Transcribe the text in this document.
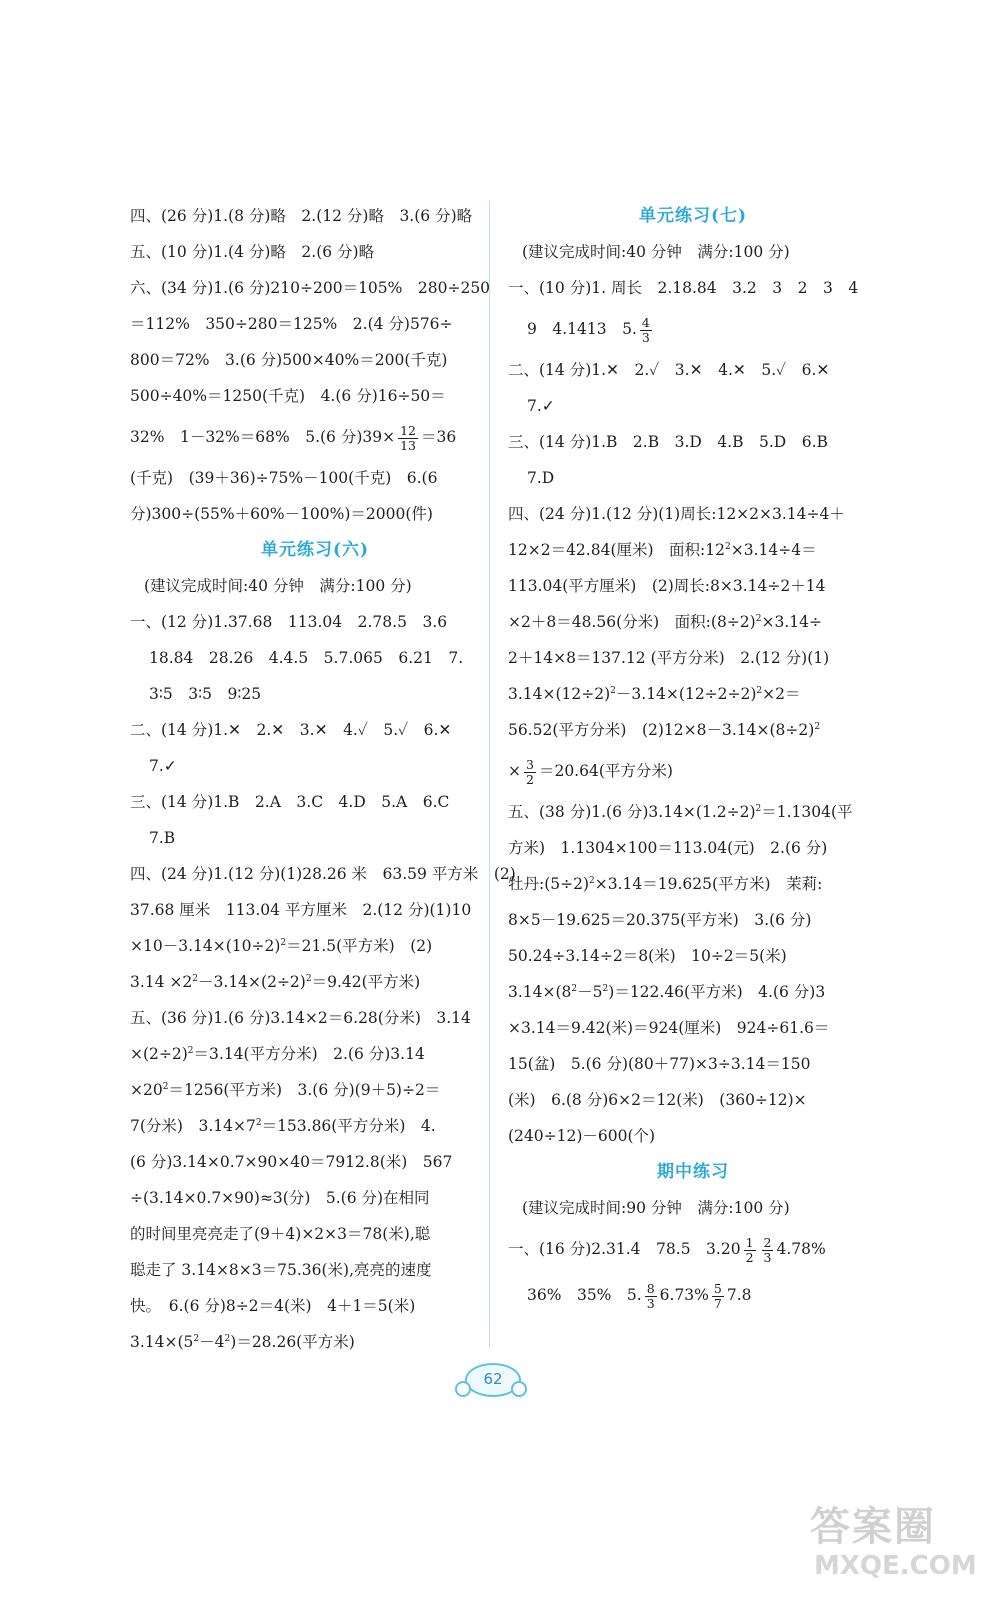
四、(26 分)1.(8 分)略　2.(12 分)略　3.(6 分)略
五、(10 分)1.(4 分)略　2.(6 分)略
六、(34 分)1.(6 分)210÷200＝105%　280÷250
＝112%　350÷280＝125%　2.(4 分)576÷
800＝72%　3.(6 分)500×40%＝200(千克)
500÷40%＝1250(千克)　4.(6 分)16÷50＝
32%　1－32%＝68%　5.(6 分)$39\times \frac{12}{13} =36$
(千克)　(39＋36)÷75%－100(千克)　6.(6
分)300÷(55%＋60%－100%)＝2000(件)
单元练习(六)
(建议完成时间:40 分钟　满分:100 分)
一、(12 分)1.37.68　113.04　2.78.5　3.6
18.84　28.26　4.4.5　5.7.065　6.21　7.
3∶5　3∶5　9∶25
二、(14 分)1.✕　2.✕　3.✕　4.✓　5.✓　6.✕
7.✓
三、(14 分)1.B　2.A　3.C　4.D　5.A　6.C
7.B
四、(24 分)1.(12 分)(1)28.26 米　63.59 平方米　(2)
37.68 厘米　113.04 平方厘米　2.(12 分)(1)10
$\times 10-3.14\times(10\div 2)^2=21.5$(平方米)　(2)
$3.14 \times 2^2-3.14\times(2\div 2)^2=9.42$(平方米)
五、(36 分)1.(6 分)3.14×2＝6.28(分米)　3.14
$\times(2\div 2)^2=3.14$(平方分米)　2.(6 分)3.14
$\times 20^2=1256$(平方米)　3.(6 分)(9＋5)÷2＝
7(分米)　$3.14\times 7^2=153.86$(平方分米)　4.
(6 分)3.14×0.7×90×40＝7912.8(米)　567
÷(3.14×0.7×90)≈3(分)　5.(6 分)在相同
的时间里亮亮走了(9＋4)×2×3＝78(米),聪
聪走了 3.14×8×3＝75.36(米),亮亮的速度
快。　6.(6 分)8÷2＝4(米)　4＋1＝5(米)
$3.14\times(5^2-4^2)=28.26$(平方米)
单元练习(七)
(建议完成时间:40 分钟　满分:100 分)
一、(10 分)1. 周长　2.18.84　3.2　3　2　3　4
9　4.1413　5. $\frac{4}{3}$
二、(14 分)1.✕　2.✓　3.✕　4.✕　5.✓　6.✕
7.✓
三、(14 分)1.B　2.B　3.D　4.B　5.D　6.B
7.D
四、(24 分)1.(12 分)(1)周长:12×2×3.14÷4＋
12×2＝42.84(厘米)　面积$:12^2\times 3.14\div 4=$
113.04(平方厘米)　(2)周长:8×3.14÷2＋14
×2＋8＝48.56(分米)　面积$:(8\div 2)^2\times 3.14\div$
2＋14×8＝137.12 (平方分米)　2.(12 分)(1)
$3.14\times(12\div 2)^2-3.14\times(12\div 2\div 2)^2\times 2=$
56.52(平方分米)　$(2)12\times 8-3.14\times(8\div 2)^2$
× $\frac{3}{2} =20.64$(平方分米)
五、(38 分)1.(6 分)$3.14\times(1.2\div 2)^2=1.1304$(平
方米)　1.1304×100＝113.04(元)　2.(6 分)
牡丹$:(5\div 2)^2\times 3.14=19.625$(平方米)　茉莉:
8×5－19.625＝20.375(平方米)　3.(6 分)
50.24÷3.14÷2＝8(米)　10÷2＝5(米)
$3.14\times(8^2-5^2)=122.46$(平方米)　4.(6 分)3
×3.14＝9.42(米)＝924(厘米)　924÷61.6＝
15(盆)　5.(6 分)(80＋77)×3÷3.14＝150
(米)　6.(8 分)6×2＝12(米)　(360÷12)×
(240÷12)－600(个)
期中练习
(建议完成时间:90 分钟　满分:100 分)
一、(16 分)2.31.4　78.5　$3.20 \frac{1}{2} \frac{2}{3} 4.78\%$
36%　35%　5. $\frac{8}{3} 6.73\% \frac{5}{7} 7.8$
62
答案圈
MXQE.COM
